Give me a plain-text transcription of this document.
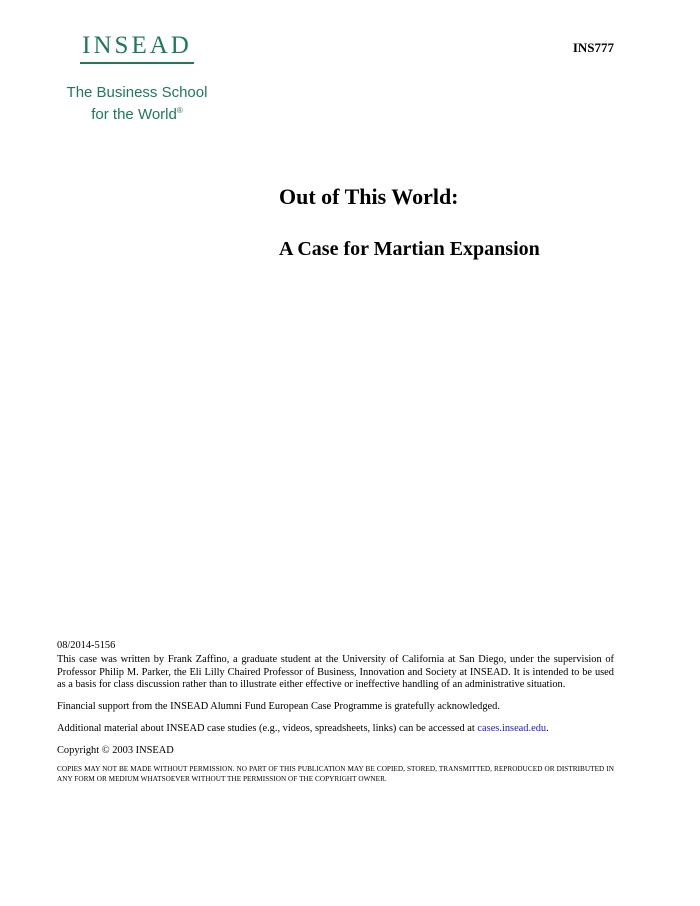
INSEAD
The Business School
for the World®
INS777
Out of This World:
A Case for Martian Expansion

08/2014-5156

This case was written by Frank Zaffino, a graduate student at the University of California at San Diego, under the supervision of Professor Philip M. Parker, the Eli Lilly Chaired Professor of Business, Innovation and Society at INSEAD. It is intended to be used as a basis for class discussion rather than to illustrate either effective or ineffective handling of an administrative situation.

Financial support from the INSEAD Alumni Fund European Case Programme is gratefully acknowledged.

Additional material about INSEAD case studies (e.g., videos, spreadsheets, links) can be accessed at cases.insead.edu.

Copyright © 2003 INSEAD

COPIES MAY NOT BE MADE WITHOUT PERMISSION. NO PART OF THIS PUBLICATION MAY BE COPIED, STORED, TRANSMITTED, REPRODUCED OR DISTRIBUTED IN ANY FORM OR MEDIUM WHATSOEVER WITHOUT THE PERMISSION OF THE COPYRIGHT OWNER.
